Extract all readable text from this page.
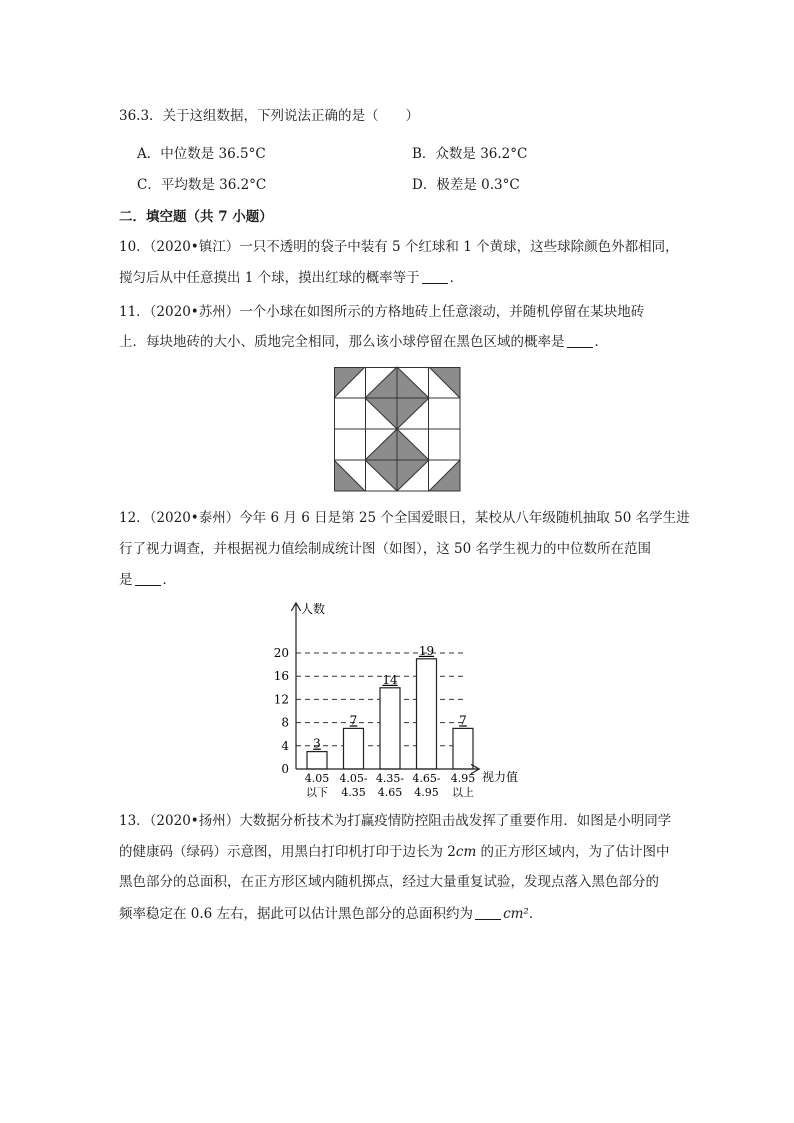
36.3．关于这组数据，下列说法正确的是（　　）
A．中位数是 36.5°C	B．众数是 36.2°C
C．平均数是 36.2°C	D．极差是 0.3°C
二．填空题（共 7 小题）
10．（2020•镇江）一只不透明的袋子中装有 5 个红球和 1 个黄球，这些球除颜色外都相同，
搅匀后从中任意摸出 1 个球，摸出红球的概率等于 ．
11．（2020•苏州）一个小球在如图所示的方格地砖上任意滚动，并随机停留在某块地砖
上．每块地砖的大小、质地完全相同，那么该小球停留在黑色区域的概率是 ．
12．（2020•泰州）今年 6 月 6 日是第 25 个全国爱眼日，某校从八年级随机抽取 50 名学生进
行了视力调查，并根据视力值绘制成统计图（如图），这 50 名学生视力的中位数所在范围
是 ．
3
7
14
19
7
人数
视力值
0
4
8
12
16
20
4.05
以下
4.05-
4.35
4.35-
4.65
4.65-
4.95
4.95
以上
13．（2020•扬州）大数据分析技术为打赢疫情防控阻击战发挥了重要作用．如图是小明同学
的健康码（绿码）示意图，用黑白打印机打印于边长为 2cm 的正方形区域内，为了估计图中
黑色部分的总面积，在正方形区域内随机掷点，经过大量重复试验，发现点落入黑色部分的
频率稳定在 0.6 左右，据此可以估计黑色部分的总面积约为 cm²．
